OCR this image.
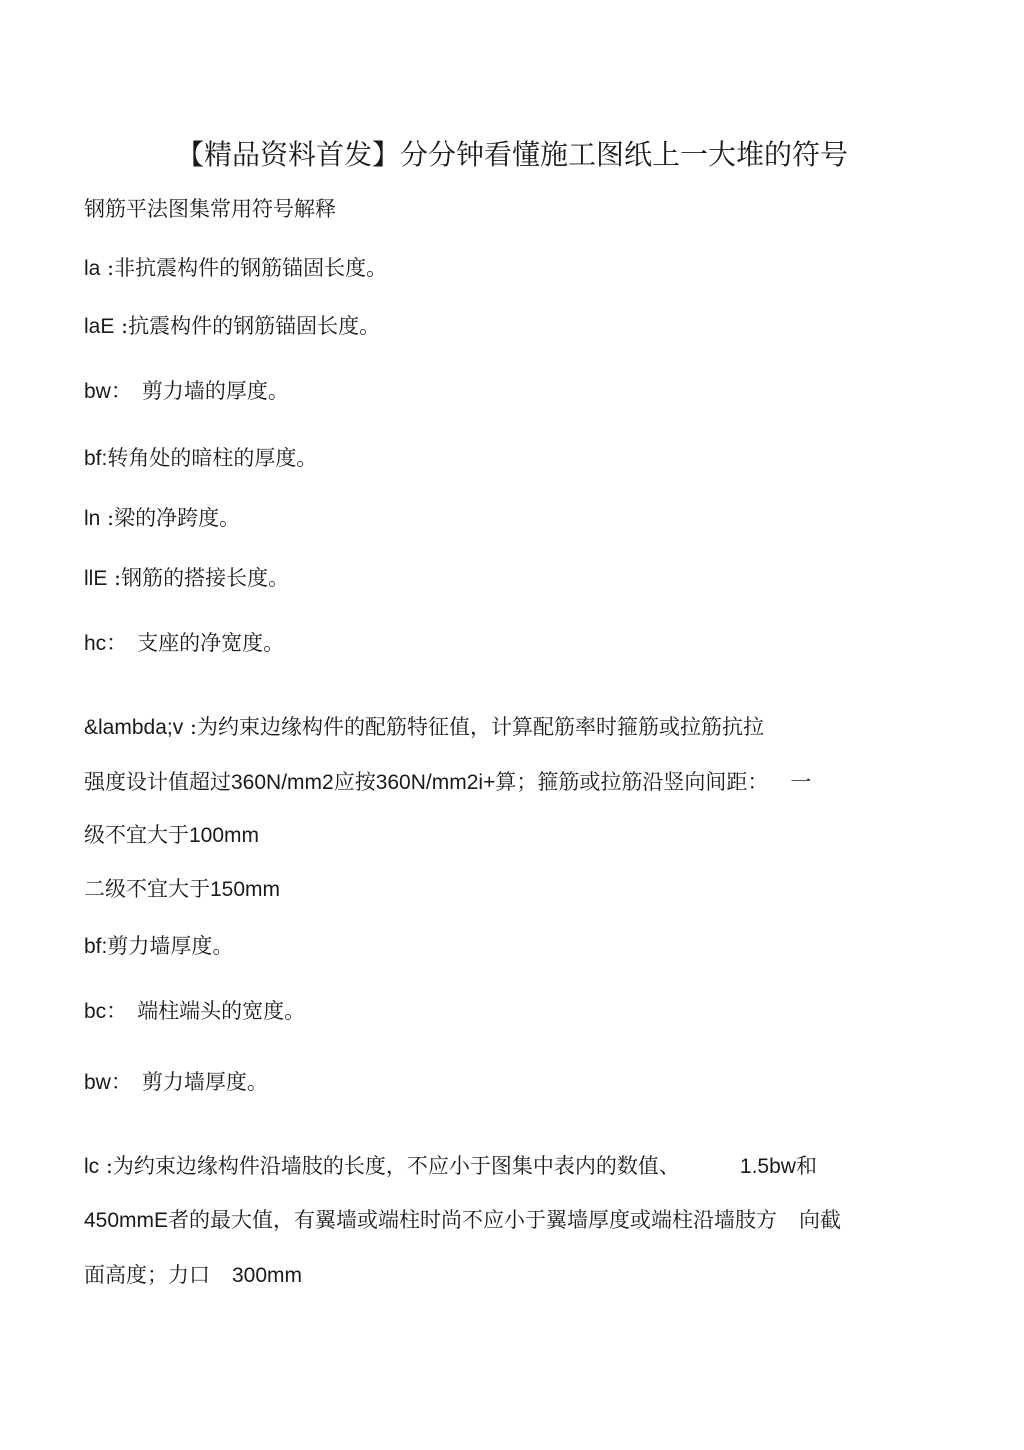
【精品资料首发】分分钟看懂施工图纸上一大堆的符号
钢筋平法图集常用符号解释
la :非抗震构件的钢筋锚固长度。
laE :抗震构件的钢筋锚固长度。
bw： 剪力墙的厚度。
bf:转角处的暗柱的厚度。
ln :梁的净跨度。
llE :钢筋的搭接长度。
hc： 支座的净宽度。
&lambda;v :为约束边缘构件的配筋特征值，计算配筋率时箍筋或拉筋抗拉
强度设计值超过360N/mm2应按360N/mm2i+算；箍筋或拉筋沿竖向间距： 一
级不宜大于100mm
二级不宜大于150mm
bf:剪力墙厚度。
bc： 端柱端头的宽度。
bw： 剪力墙厚度。
lc :为约束边缘构件沿墙肢的长度，不应小于图集中表内的数值、	1.5bw和
450mmE者的最大值，有翼墙或端柱时尚不应小于翼墙厚度或端柱沿墙肢方 向截
面高度；力口 300mm
